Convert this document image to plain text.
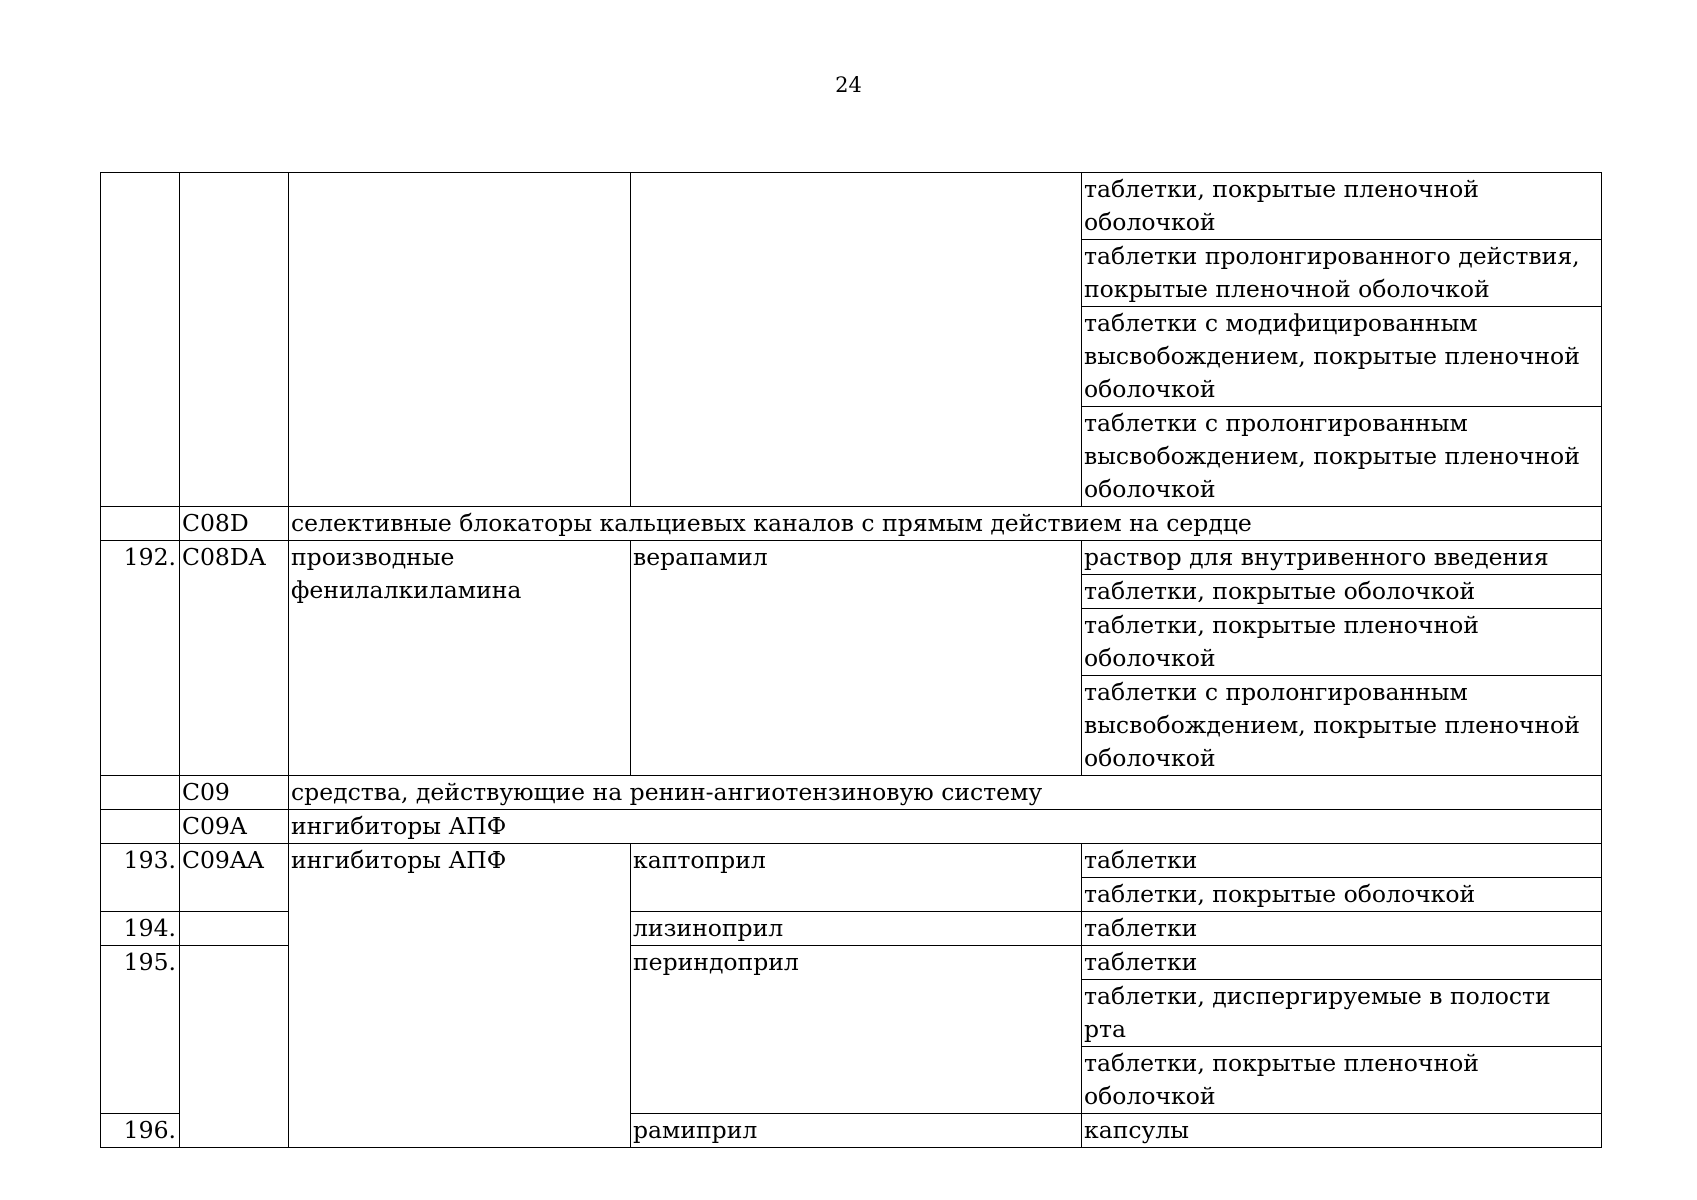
24
				таблетки, покрытые пленочной оболочкой
				таблетки пролонгированного действия, покрытые пленочной оболочкой
				таблетки с модифицированным высвобождением, покрытые пленочной оболочкой
				таблетки с пролонгированным высвобождением, покрытые пленочной оболочкой
	C08D	селективные блокаторы кальциевых каналов с прямым действием на сердце		
192.	C08DA	производные фенилалкиламина	верапамил	раствор для внутривенного введения
				таблетки, покрытые оболочкой
				таблетки, покрытые пленочной оболочкой
				таблетки с пролонгированным высвобождением, покрытые пленочной оболочкой
	C09	средства, действующие на ренин-ангиотензиновую систему		
	C09A	ингибиторы АПФ		
193.	C09AA	ингибиторы АПФ	каптоприл	таблетки
				таблетки, покрытые оболочкой
194.			лизиноприл	таблетки
195.			периндоприл	таблетки
				таблетки, диспергируемые в полости рта
				таблетки, покрытые пленочной оболочкой
196.			рамиприл	капсулы
